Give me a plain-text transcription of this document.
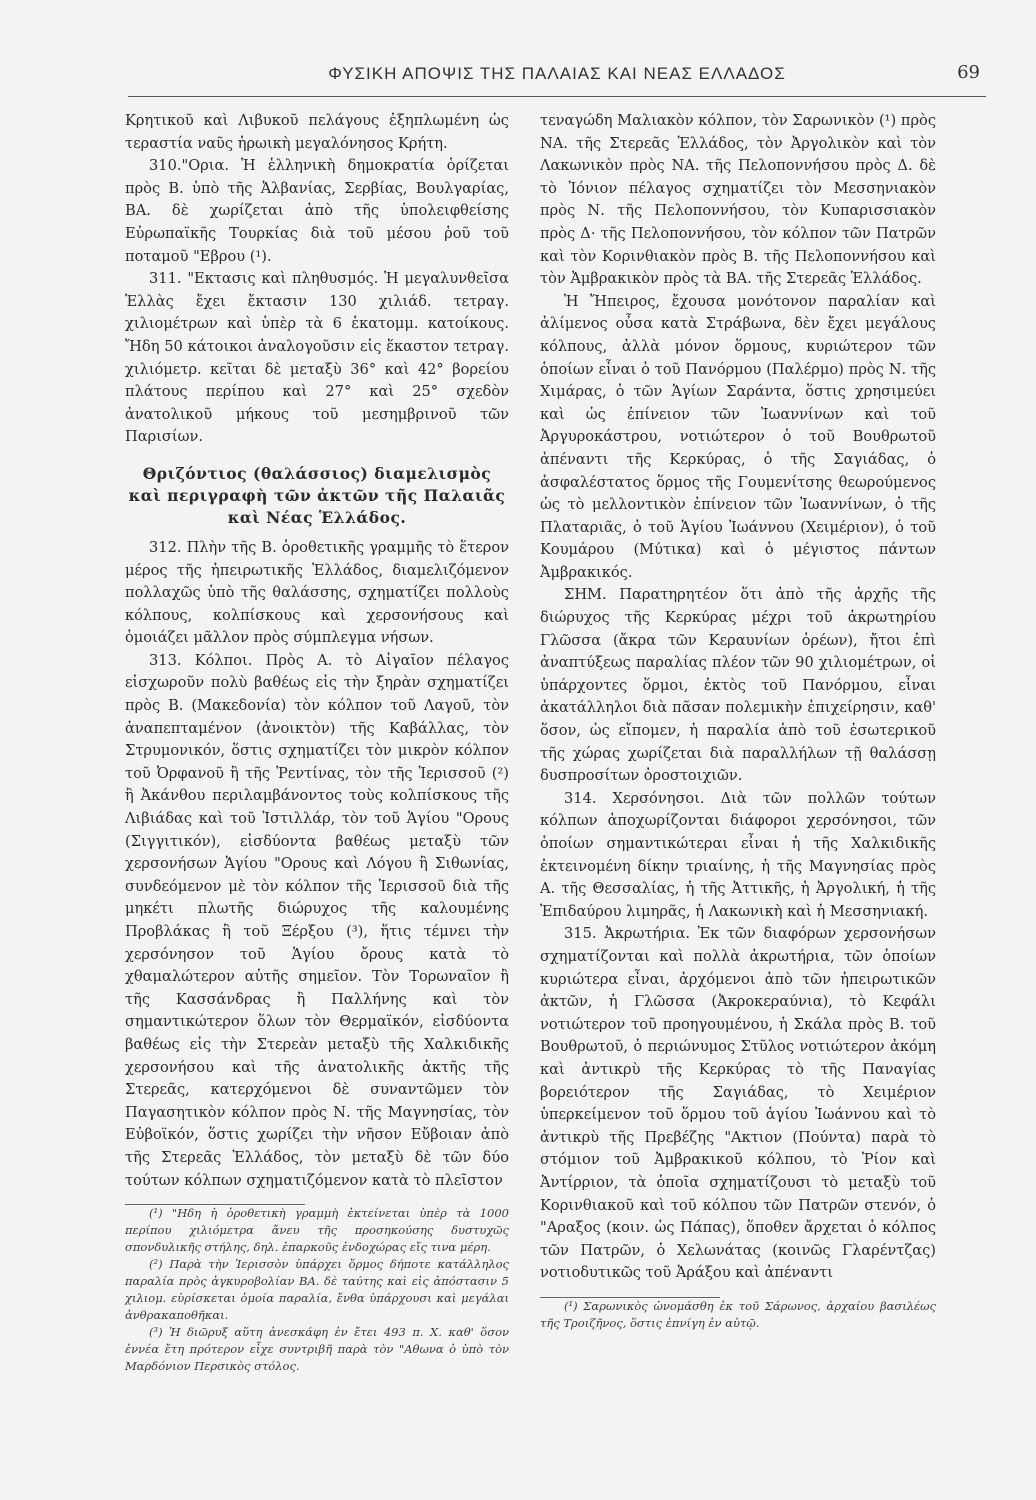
ΦΥΣΙΚΗ ΑΠΟΨΙΣ ΤΗΣ ΠΑΛΑΙΑΣ ΚΑΙ ΝΕΑΣ ΕΛΛΑΔΟΣ	69

Κρητικοῦ καὶ Λιβυκοῦ πελάγους ἐξηπλωμένη ὡς τεραστία ναῦς ἡρωικὴ μεγαλόνησος Κρήτη.

310."Ορια. Ἡ ἑλληνικὴ δημοκρατία ὁρίζεται πρὸς Β. ὑπὸ τῆς Ἀλβανίας, Σερβίας, Βουλγαρίας, ΒΑ. δὲ χωρίζεται ἀπὸ τῆς ὑπολειφθείσης Εὐρωπαϊκῆς Τουρκίας διὰ τοῦ μέσου ῥοῦ τοῦ ποταμοῦ "Εβρου (¹).

311. "Εκτασις καὶ πληθυσμός. Ἡ μεγαλυνθεῖσα Ἑλλὰς ἔχει ἔκτασιν 130 χιλιάδ. τετραγ. χιλιομέτρων καὶ ὑπὲρ τὰ 6 ἑκατομμ. κατοίκους. Ἤδη 50 κάτοικοι ἀναλογοῦσιν εἰς ἕκαστον τετραγ. χιλιόμετρ. κεῖται δὲ μεταξὺ 36° καὶ 42° βορείου πλάτους περίπου καὶ 27° καὶ 25° σχεδὸν ἀνατολικοῦ μήκους τοῦ μεσημβρινοῦ τῶν Παρισίων.

Θριζόντιος (θαλάσσιος) διαμελισμὸς καὶ περιγραφὴ τῶν ἀκτῶν τῆς Παλαιᾶς καὶ Νέας Ἑλλάδος.

312. Πλὴν τῆς Β. ὁροθετικῆς γραμμῆς τὸ ἕτερον μέρος τῆς ἠπειρωτικῆς Ἑλλάδος, διαμελιζόμενον πολλαχῶς ὑπὸ τῆς θαλάσσης, σχηματίζει πολλοὺς κόλπους, κολπίσκους καὶ χερσονήσους καὶ ὁμοιάζει μᾶλλον πρὸς σύμπλεγμα νήσων.

313. Κόλποι. Πρὸς Α. τὸ Αἰγαῖον πέλαγος εἰσχωροῦν πολὺ βαθέως εἰς τὴν ξηρὰν σχηματίζει πρὸς Β. (Μακεδονία) τὸν κόλπον τοῦ Λαγοῦ, τὸν ἀναπεπταμένον (ἀνοικτὸν) τῆς Καβάλλας, τὸν Στρυμονικόν, ὅστις σχηματίζει τὸν μικρὸν κόλπον τοῦ Ὀρφανοῦ ἢ τῆς Ῥεντίνας, τὸν τῆς Ἱερισσοῦ (²) ἢ Ἀκάνθου περιλαμβάνοντος τοὺς κολπίσκους τῆς Λιβιάδας καὶ τοῦ Ἰστιλλάρ, τὸν τοῦ Ἁγίου "Ορους (Σιγγιτικόν), εἰσδύοντα βαθέως μεταξὺ τῶν χερσονήσων Ἁγίου "Ορους καὶ Λόγου ἢ Σιθωνίας, συνδεόμενον μὲ τὸν κόλπον τῆς Ἱερισσοῦ διὰ τῆς μηκέτι πλωτῆς διώρυχος τῆς καλουμένης Προβλάκας ἢ τοῦ Ξέρξου (³), ἥτις τέμνει τὴν χερσόνησον τοῦ Ἁγίου ὄρους κατὰ τὸ χθαμαλώτερον αὐτῆς σημεῖον. Τὸν Τορωναῖον ἢ τῆς Κασσάνδρας ἢ Παλλήνης καὶ τὸν σημαντικώτερον ὅλων τὸν Θερμαϊκόν, εἰσδύοντα βαθέως εἰς τὴν Στερεὰν μεταξὺ τῆς Χαλκιδικῆς χερσονήσου καὶ τῆς ἀνατολικῆς ἀκτῆς τῆς Στερεᾶς, κατερχόμενοι δὲ συναντῶμεν τὸν Παγασητικὸν κόλπον πρὸς Ν. τῆς Μαγνησίας, τὸν Εὐβοϊκόν, ὅστις χωρίζει τὴν νῆσον Εὔβοιαν ἀπὸ τῆς Στερεᾶς Ἑλλάδος, τὸν μεταξὺ δὲ τῶν δύο τούτων κόλπων σχηματιζόμενον κατὰ τὸ πλεῖστον

(¹) "Ηδη ἡ ὁροθετικὴ γραμμὴ ἐκτείνεται ὑπὲρ τὰ 1000 περίπου χιλιόμετρα ἄνευ τῆς προσηκούσης δυστυχῶς σπονδυλικῆς στήλης, δηλ. ἐπαρκοῦς ἐνδοχώρας εἴς τινα μέρη.

(²) Παρὰ τὴν Ἱερισσὸν ὑπάρχει ὅρμος δήποτε κατάλληλος παραλία πρὸς ἀγκυροβολίαν ΒΑ. δὲ ταύτης καὶ εἰς ἀπόστασιν 5 χιλιομ. εὑρίσκεται ὁμοία παραλία, ἔνθα ὑπάρχουσι καὶ μεγάλαι ἀνθρακαποθῆκαι.

(³) Ἡ διῶρυξ αὕτη ἀνεσκάφη ἐν ἔτει 493 π. Χ. καθ' ὅσον ἐννέα ἔτη πρότερον εἶχε συντριβῆ παρὰ τὸν "Αθωνα ὁ ὑπὸ τὸν Μαρδόνιον Περσικὸς στόλος.

τεναγώδη Μαλιακὸν κόλπον, τὸν Σαρωνικὸν (¹) πρὸς ΝΑ. τῆς Στερεᾶς Ἑλλάδος, τὸν Ἀργολικὸν καὶ τὸν Λακωνικὸν πρὸς ΝΑ. τῆς Πελοποννήσου πρὸς Δ. δὲ τὸ Ἰόνιον πέλαγος σχηματίζει τὸν Μεσσηνιακὸν πρὸς Ν. τῆς Πελοποννήσου, τὸν Κυπαρισσιακὸν πρὸς Δ· τῆς Πελοποννήσου, τὸν κόλπον τῶν Πατρῶν καὶ τὸν Κορινθιακὸν πρὸς Β. τῆς Πελοποννήσου καὶ τὸν Ἀμβρακικὸν πρὸς τὰ ΒΑ. τῆς Στερεᾶς Ἑλλάδος.

Ἡ Ἤπειρος, ἔχουσα μονότονον παραλίαν καὶ ἀλίμενος οὖσα κατὰ Στράβωνα, δὲν ἔχει μεγάλους κόλπους, ἀλλὰ μόνον ὅρμους, κυριώτερον τῶν ὁποίων εἶναι ὁ τοῦ Πανόρμου (Παλέρμο) πρὸς Ν. τῆς Χιμάρας, ὁ τῶν Ἁγίων Σαράντα, ὅστις χρησιμεύει καὶ ὡς ἐπίνειον τῶν Ἰωαννίνων καὶ τοῦ Ἀργυροκάστρου, νοτιώτερον ὁ τοῦ Βουθρωτοῦ ἀπέναντι τῆς Κερκύρας, ὁ τῆς Σαγιάδας, ὁ ἀσφαλέστατος ὅρμος τῆς Γουμενίτσης θεωρούμενος ὡς τὸ μελλοντικὸν ἐπίνειον τῶν Ἰωαννίνων, ὁ τῆς Πλαταριᾶς, ὁ τοῦ Ἁγίου Ἰωάννου (Χειμέριον), ὁ τοῦ Κουμάρου (Μύτικα) καὶ ὁ μέγιστος πάντων Ἀμβρακικός.

ΣΗΜ. Παρατηρητέον ὅτι ἀπὸ τῆς ἀρχῆς τῆς διώρυχος τῆς Κερκύρας μέχρι τοῦ ἀκρωτηρίου Γλῶσσα (ἄκρα τῶν Κεραυνίων ὀρέων), ἤτοι ἐπὶ ἀναπτύξεως παραλίας πλέον τῶν 90 χιλιομέτρων, οἱ ὑπάρχοντες ὅρμοι, ἐκτὸς τοῦ Πανόρμου, εἶναι ἀκατάλληλοι διὰ πᾶσαν πολεμικὴν ἐπιχείρησιν, καθ' ὅσον, ὡς εἴπομεν, ἡ παραλία ἀπὸ τοῦ ἐσωτερικοῦ τῆς χώρας χωρίζεται διὰ παραλλήλων τῇ θαλάσσῃ δυσπροσίτων ὀροστοιχιῶν.

314. Χερσόνησοι. Διὰ τῶν πολλῶν τούτων κόλπων ἀποχωρίζονται διάφοροι χερσόνησοι, τῶν ὁποίων σημαντικώτεραι εἶναι ἡ τῆς Χαλκιδικῆς ἐκτεινομένη δίκην τριαίνης, ἡ τῆς Μαγνησίας πρὸς Α. τῆς Θεσσαλίας, ἡ τῆς Ἀττικῆς, ἡ Ἀργολική, ἡ τῆς Ἐπιδαύρου λιμηρᾶς, ἡ Λακωνικὴ καὶ ἡ Μεσσηνιακή.

315. Ἀκρωτήρια. Ἐκ τῶν διαφόρων χερσονήσων σχηματίζονται καὶ πολλὰ ἀκρωτήρια, τῶν ὁποίων κυριώτερα εἶναι, ἀρχόμενοι ἀπὸ τῶν ἠπειρωτικῶν ἀκτῶν, ἡ Γλῶσσα (Ἀκροκεραύνια), τὸ Κεφάλι νοτιώτερον τοῦ προηγουμένου, ἡ Σκάλα πρὸς Β. τοῦ Βουθρωτοῦ, ὁ περιώνυμος Στῦλος νοτιώτερον ἀκόμη καὶ ἀντικρὺ τῆς Κερκύρας τὸ τῆς Παναγίας βορειότερον τῆς Σαγιάδας, τὸ Χειμέριον ὑπερκείμενον τοῦ ὅρμου τοῦ ἁγίου Ἰωάννου καὶ τὸ ἀντικρὺ τῆς Πρεβέζης "Ακτιον (Πούντα) παρὰ τὸ στόμιον τοῦ Ἀμβρακικοῦ κόλπου, τὸ Ῥίον καὶ Ἀντίρριον, τὰ ὁποῖα σχηματίζουσι τὸ μεταξὺ τοῦ Κορινθιακοῦ καὶ τοῦ κόλπου τῶν Πατρῶν στενόν, ὁ "Αραξος (κοιν. ὡς Πάπας), ὅποθεν ἄρχεται ὁ κόλπος τῶν Πατρῶν, ὁ Χελωνάτας (κοινῶς Γλαρέντζας) νοτιοδυτικῶς τοῦ Ἀράξου καὶ ἀπέναντι

(¹) Σαρωνικὸς ὠνομάσθη ἐκ τοῦ Σάρωνος, ἀρχαίου βασιλέως τῆς Τροιζῆνος, ὅστις ἐπνίγη ἐν αὐτῷ.
